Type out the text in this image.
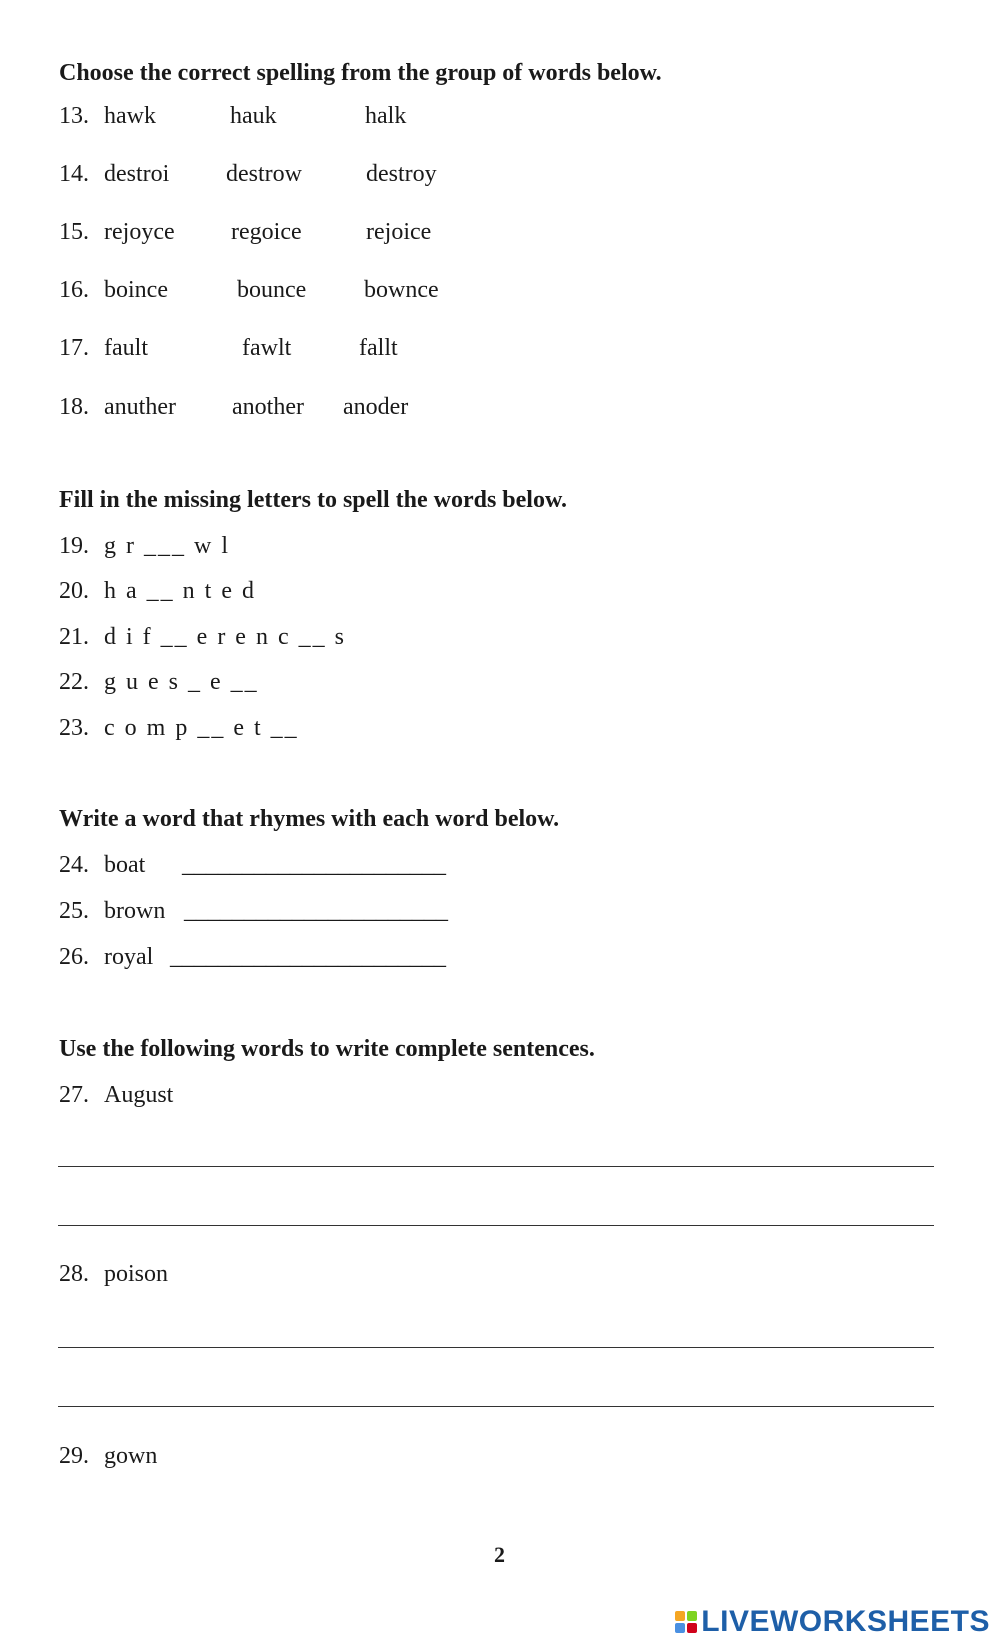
Choose the correct spelling from the group of words below.
13. hawk	hauk	halk
14. destroi destrow	destroy
15. rejoyce regoice	rejoice
16. boince	bounce bownce
17. fault	fawlt	fallt
18. anuther another anoder
Fill in the missing letters to spell the words below.
19. g r ___ w l
20. h a __ n t e d
21. d i f __ e r e n c __ s
22. g u e s _ e __
23. c o m p __ e t __
Write a word that rhymes with each word below.
24. boat ______________________
25. brown ______________________
26. royal _______________________
Use the following words to write complete sentences.
27. August
28. poison
29. gown
2
LIVEWORKSHEETS
